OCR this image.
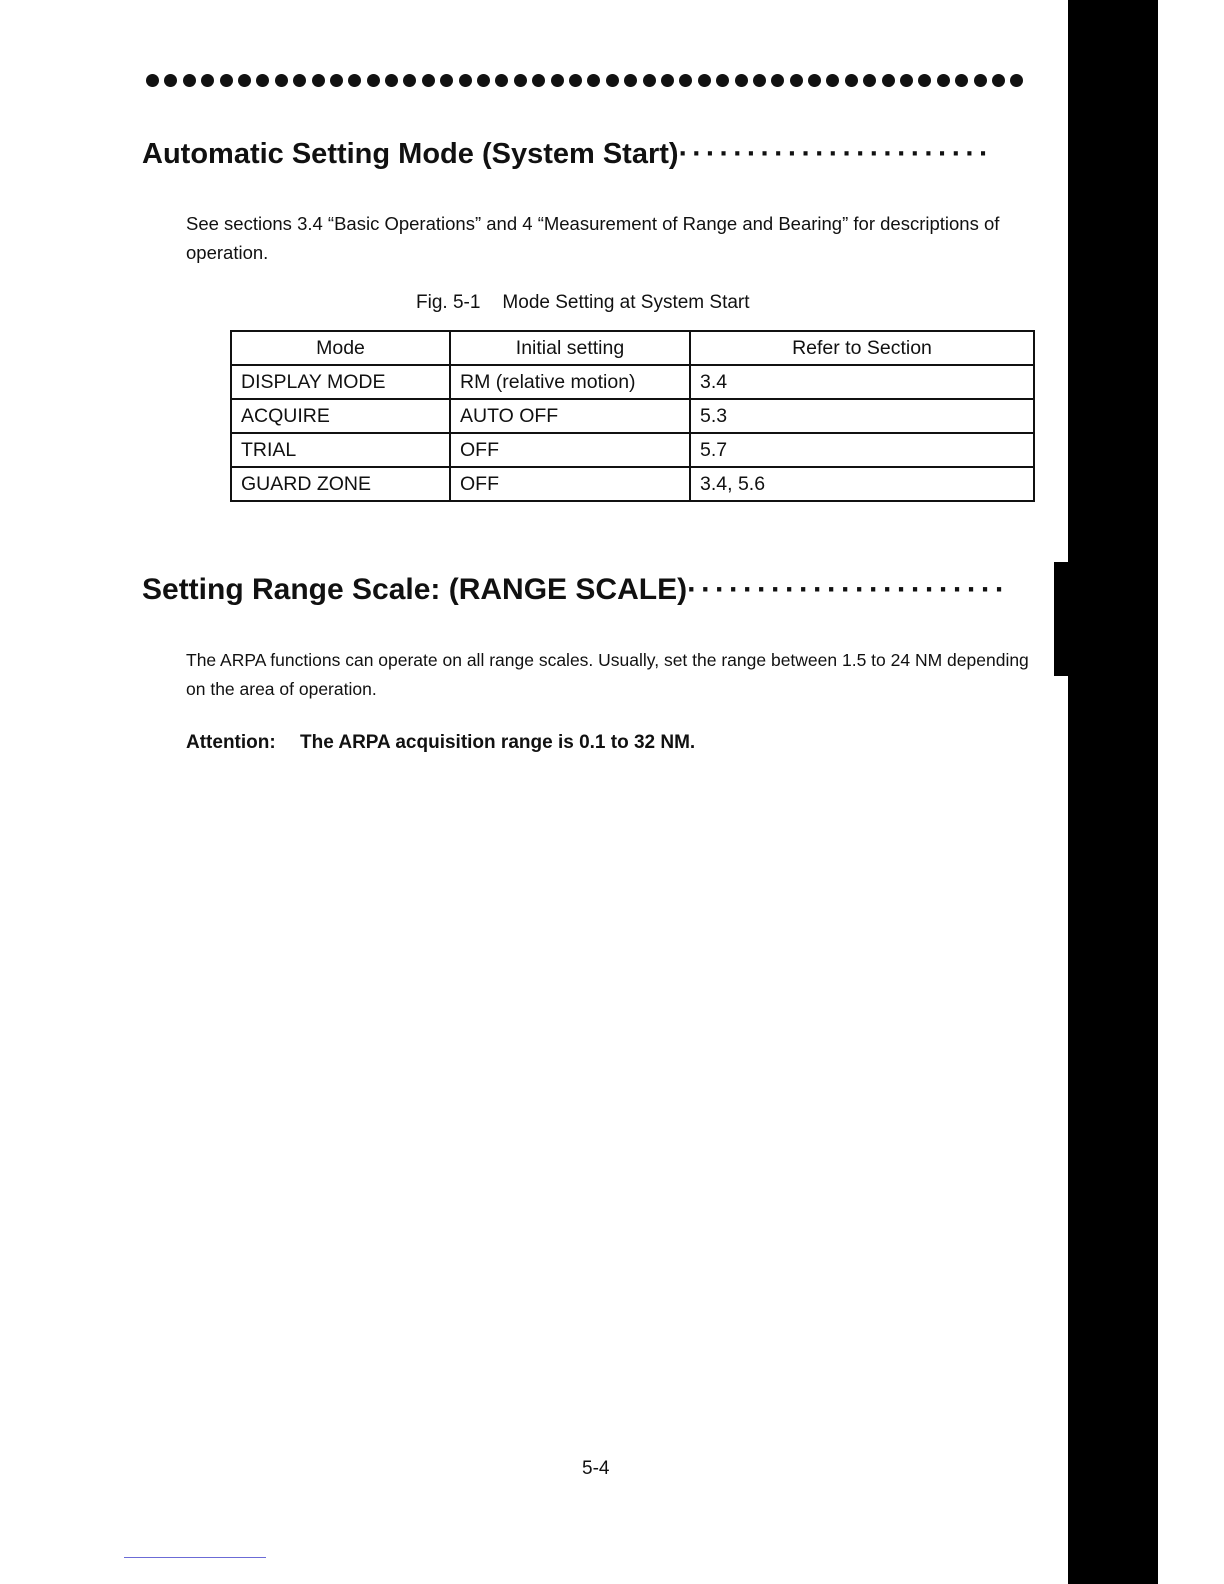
Automatic Setting Mode (System Start)·······················
See sections 3.4 “Basic Operations” and 4 “Measurement of Range and Bearing” for descriptions of operation.
Fig. 5-1 Mode Setting at System Start
Mode	Initial setting	Refer to Section
DISPLAY MODE	RM (relative motion)	3.4
ACQUIRE	AUTO OFF	5.3
TRIAL	OFF	5.7
GUARD ZONE	OFF	3.4, 5.6
Setting Range Scale: (RANGE SCALE)·······················
The ARPA functions can operate on all range scales. Usually, set the range between 1.5 to 24 NM depending on the area of operation.
Attention: The ARPA acquisition range is 0.1 to 32 NM.
5-4
